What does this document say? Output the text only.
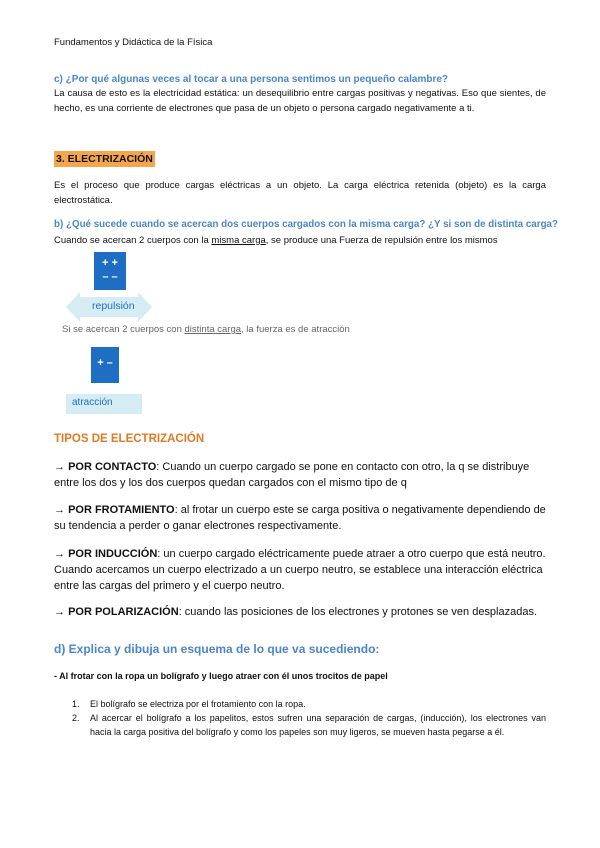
Fundamentos y Didáctica de la Física
c) ¿Por qué algunas veces al tocar a una persona sentimos un pequeño calambre?
La causa de esto es la electricidad estática: un desequilibrio entre cargas positivas y negativas. Eso que sientes, de hecho, es una corriente de electrones que pasa de un objeto o persona cargado negativamente a ti.
3. ELECTRIZACIÓN
Es el proceso que produce cargas eléctricas a un objeto. La carga eléctrica retenida (objeto) es la carga electrostática.
b) ¿Qué sucede cuando se acercan dos cuerpos cargados con la misma carga? ¿Y si son de distinta carga?
Cuando se acercan 2 cuerpos con la misma carga, se produce una Fuerza de repulsión entre los mismos
+ +
– –
repulsión
Si se acercan 2 cuerpos con distinta carga, la fuerza es de atracción
+ –
atracción
TIPOS DE ELECTRIZACIÓN
→ POR CONTACTO: Cuando un cuerpo cargado se pone en contacto con otro, la q se distribuye entre los dos y los dos cuerpos quedan cargados con el mismo tipo de q
→ POR FROTAMIENTO: al frotar un cuerpo este se carga positiva o negativamente dependiendo de su tendencia a perder o ganar electrones respectivamente.
→ POR INDUCCIÓN: un cuerpo cargado eléctricamente puede atraer a otro cuerpo que está neutro. Cuando acercamos un cuerpo electrizado a un cuerpo neutro, se establece una interacción eléctrica entre las cargas del primero y el cuerpo neutro.
→ POR POLARIZACIÓN: cuando las posiciones de los electrones y protones se ven desplazadas.
d) Explica y dibuja un esquema de lo que va sucediendo:
- Al frotar con la ropa un bolígrafo y luego atraer con él unos trocitos de papel
1. El bolígrafo se electriza por el frotamiento con la ropa.
2. Al acercar el bolígrafo a los papelitos, estos sufren una separación de cargas, (inducción), los electrones van hacia la carga positiva del bolígrafo y como los papeles son muy ligeros, se mueven hasta pegarse a él.
